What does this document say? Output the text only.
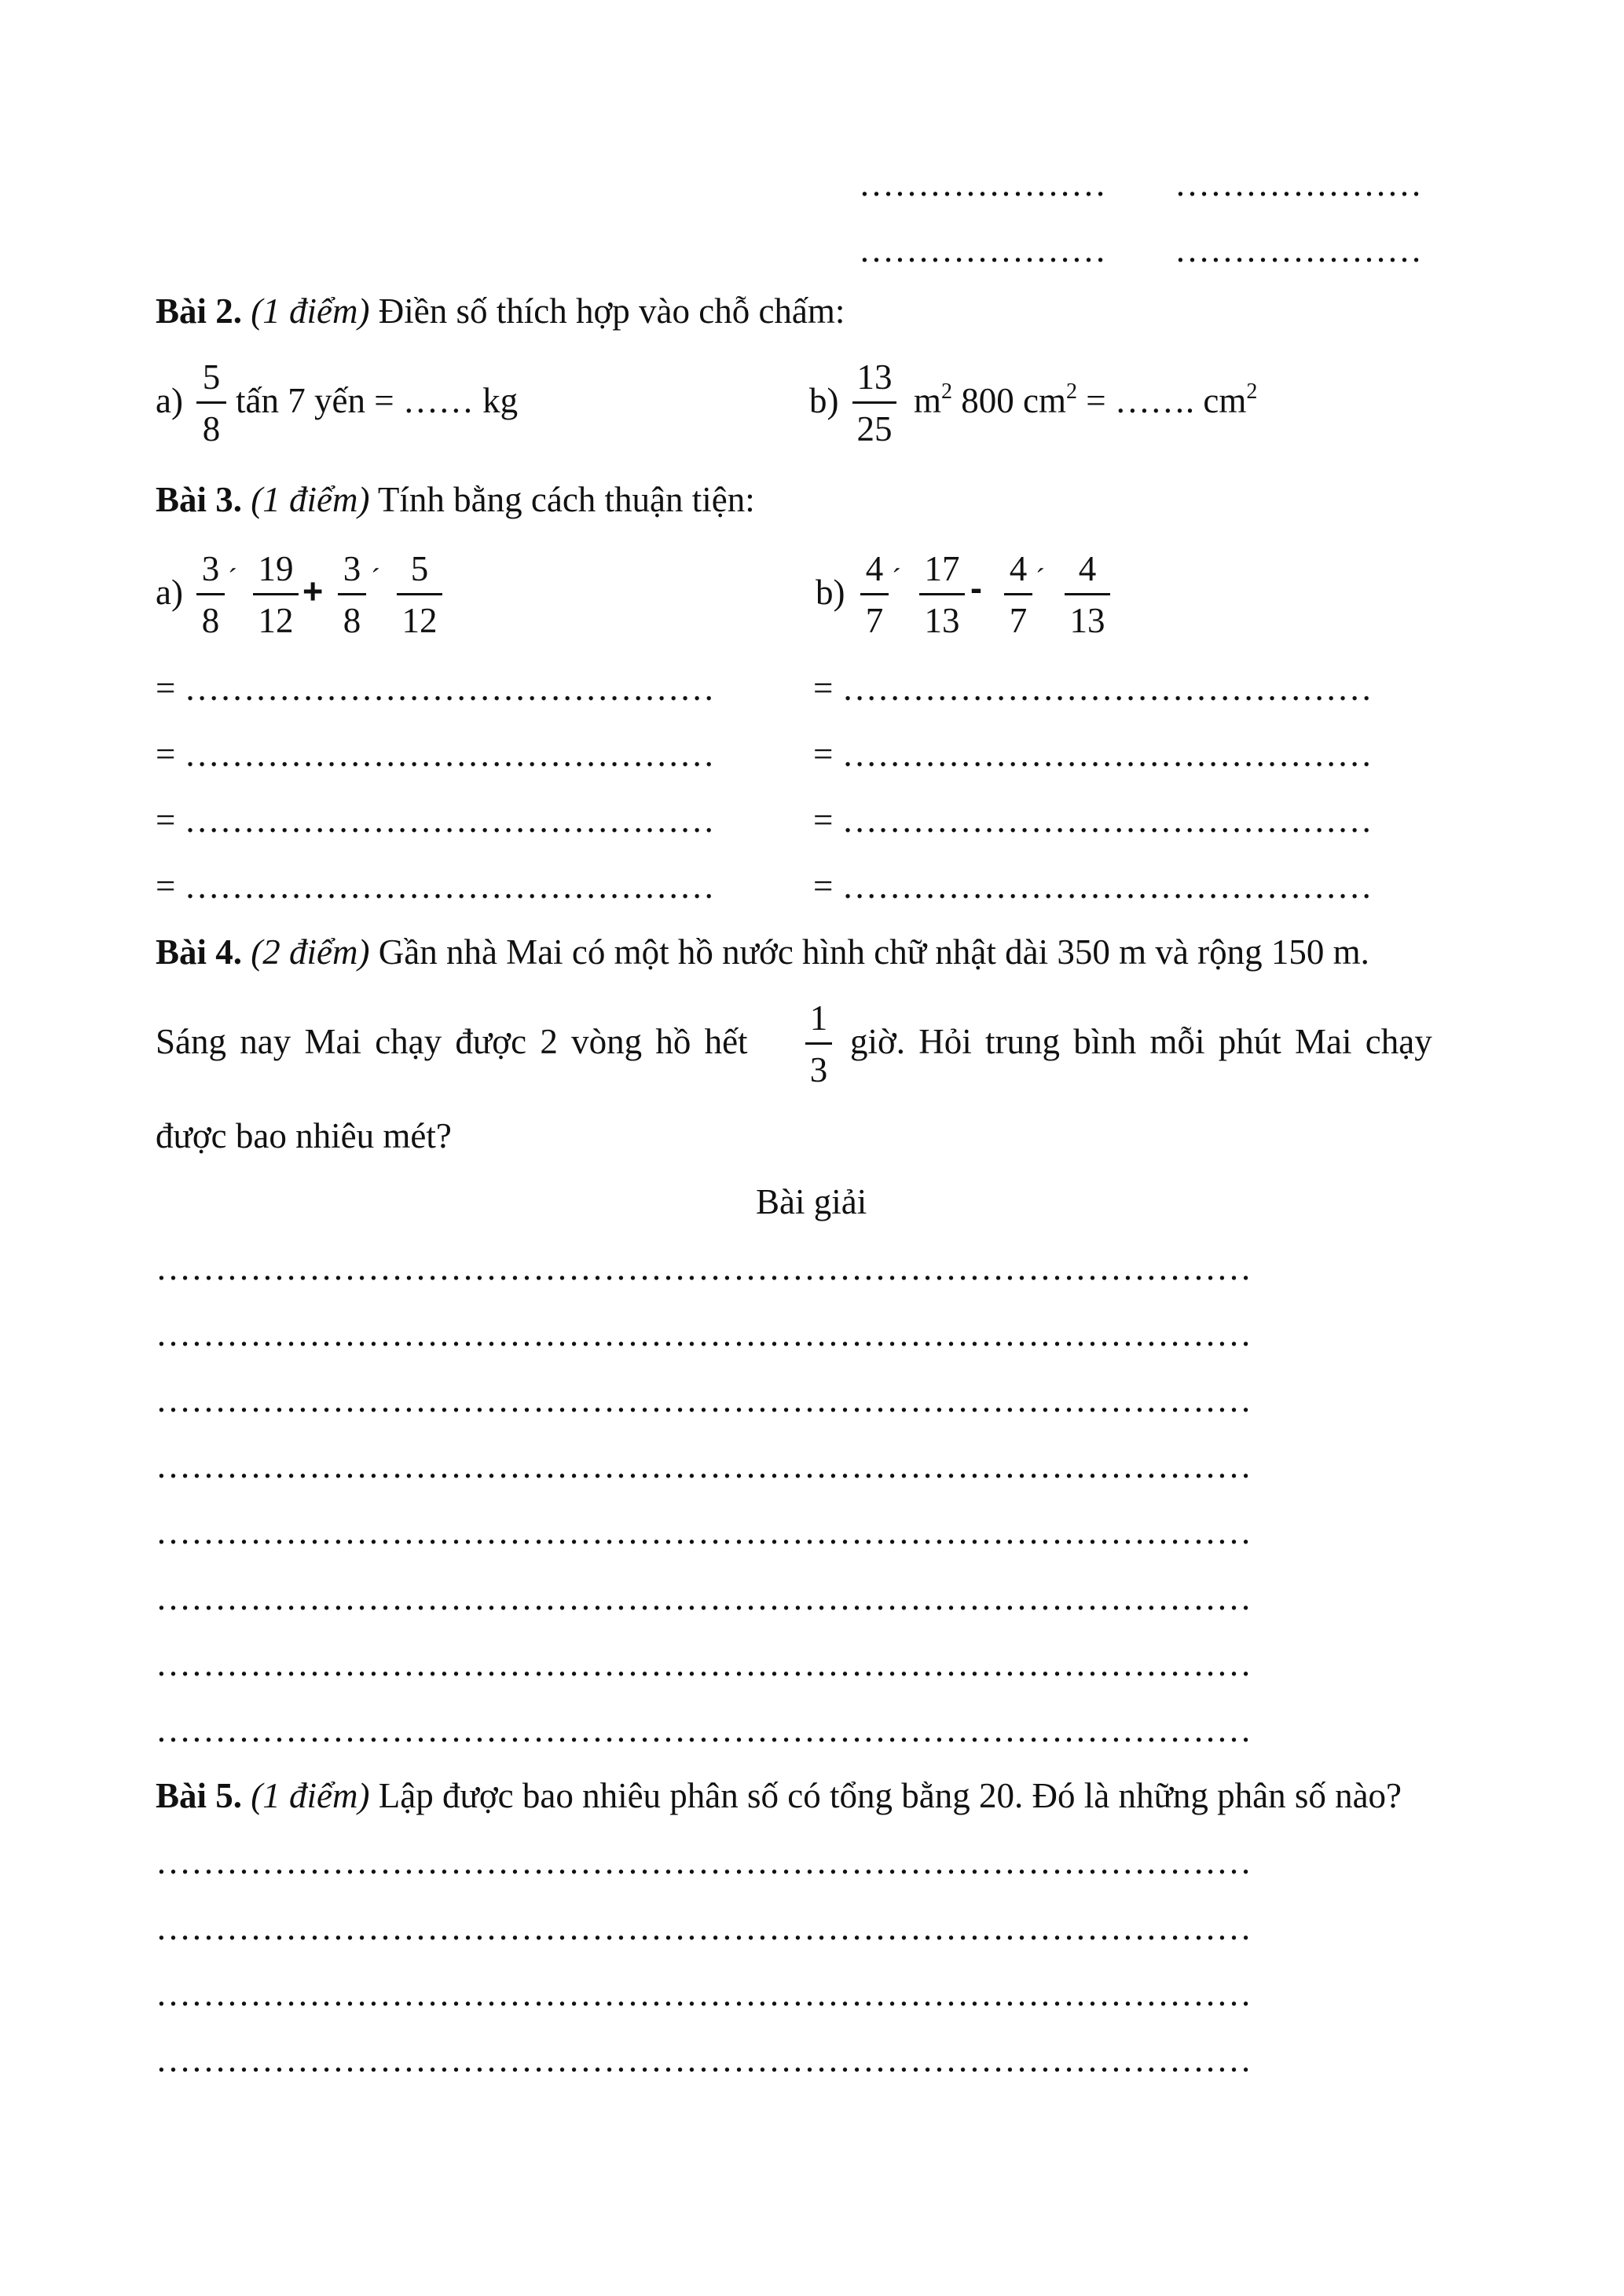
………………… …………………
………………… …………………
Bài 2. (1 điểm) Điền số thích hợp vào chỗ chấm:
a)
5
8
tấn 7 yến = …… kg	b)
13
25
$m^2$ 800 $cm^2$ = ……. $cm^2$
Bài 3. (1 điểm) Tính bằng cách thuận tiện:
a)
3
8
´ 19
12
+
3
8
´ 5
12
b)
4
7
´ 17
13
- 4
7
´ 4
13
= ………………………………………
= ………………………………………
= ………………………………………
= ………………………………………
= ………………………………………
= ………………………………………
= ………………………………………
= ………………………………………
Bài 4. (2 điểm) Gần nhà Mai có một hồ nước hình chữ nhật dài 350 m và rộng 150 m.
Sáng nay Mai chạy được 2 vòng hồ hết
1
3
giờ. Hỏi trung bình mỗi phút Mai chạy
được bao nhiêu mét?
Bài giải
…………………………………………………………………………………
…………………………………………………………………………………
…………………………………………………………………………………
…………………………………………………………………………………
…………………………………………………………………………………
…………………………………………………………………………………
…………………………………………………………………………………
…………………………………………………………………………………
Bài 5. (1 điểm) Lập được bao nhiêu phân số có tổng bằng 20. Đó là những phân số nào?
…………………………………………………………………………………
…………………………………………………………………………………
…………………………………………………………………………………
…………………………………………………………………………………
